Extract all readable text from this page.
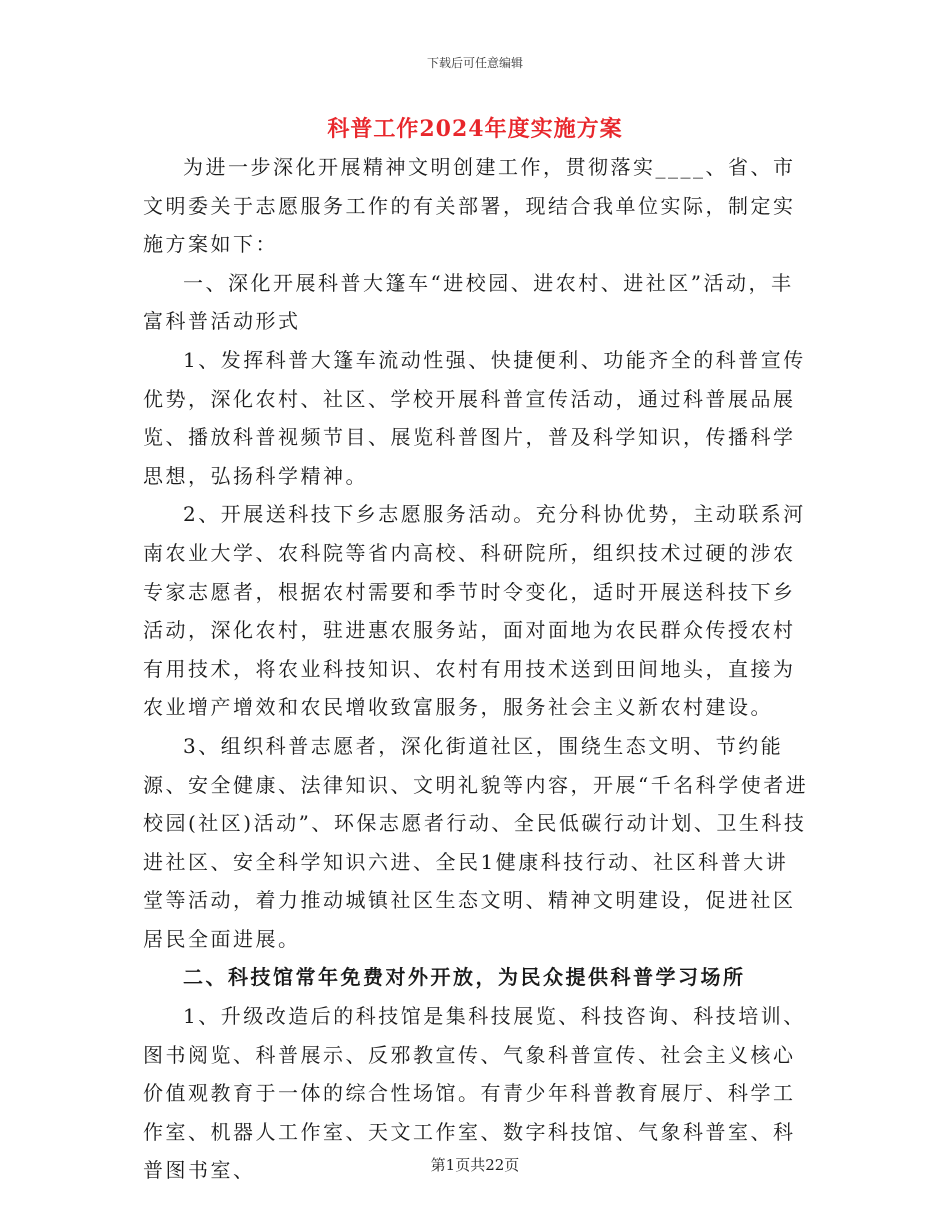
下载后可任意编辑
科普工作2024年度实施方案

为进一步深化开展精神文明创建工作，贯彻落实____、省、市文明委关于志愿服务工作的有关部署，现结合我单位实际，制定实施方案如下：

一、深化开展科普大篷车“进校园、进农村、进社区”活动，丰富科普活动形式

1、发挥科普大篷车流动性强、快捷便利、功能齐全的科普宣传优势，深化农村、社区、学校开展科普宣传活动，通过科普展品展览、播放科普视频节目、展览科普图片，普及科学知识，传播科学思想，弘扬科学精神。

2、开展送科技下乡志愿服务活动。充分科协优势，主动联系河南农业大学、农科院等省内高校、科研院所，组织技术过硬的涉农专家志愿者，根据农村需要和季节时令变化，适时开展送科技下乡活动，深化农村，驻进惠农服务站，面对面地为农民群众传授农村有用技术，将农业科技知识、农村有用技术送到田间地头，直接为农业增产增效和农民增收致富服务，服务社会主义新农村建设。

3、组织科普志愿者，深化街道社区，围绕生态文明、节约能源、安全健康、法律知识、文明礼貌等内容，开展“千名科学使者进校园(社区)活动”、环保志愿者行动、全民低碳行动计划、卫生科技进社区、安全科学知识六进、全民1健康科技行动、社区科普大讲堂等活动，着力推动城镇社区生态文明、精神文明建设，促进社区居民全面进展。

二、科技馆常年免费对外开放，为民众提供科普学习场所

1、升级改造后的科技馆是集科技展览、科技咨询、科技培训、图书阅览、科普展示、反邪教宣传、气象科普宣传、社会主义核心价值观教育于一体的综合性场馆。有青少年科普教育展厅、科学工作室、机器人工作室、天文工作室、数字科技馆、气象科普室、科普图书室、	第1页共22页
